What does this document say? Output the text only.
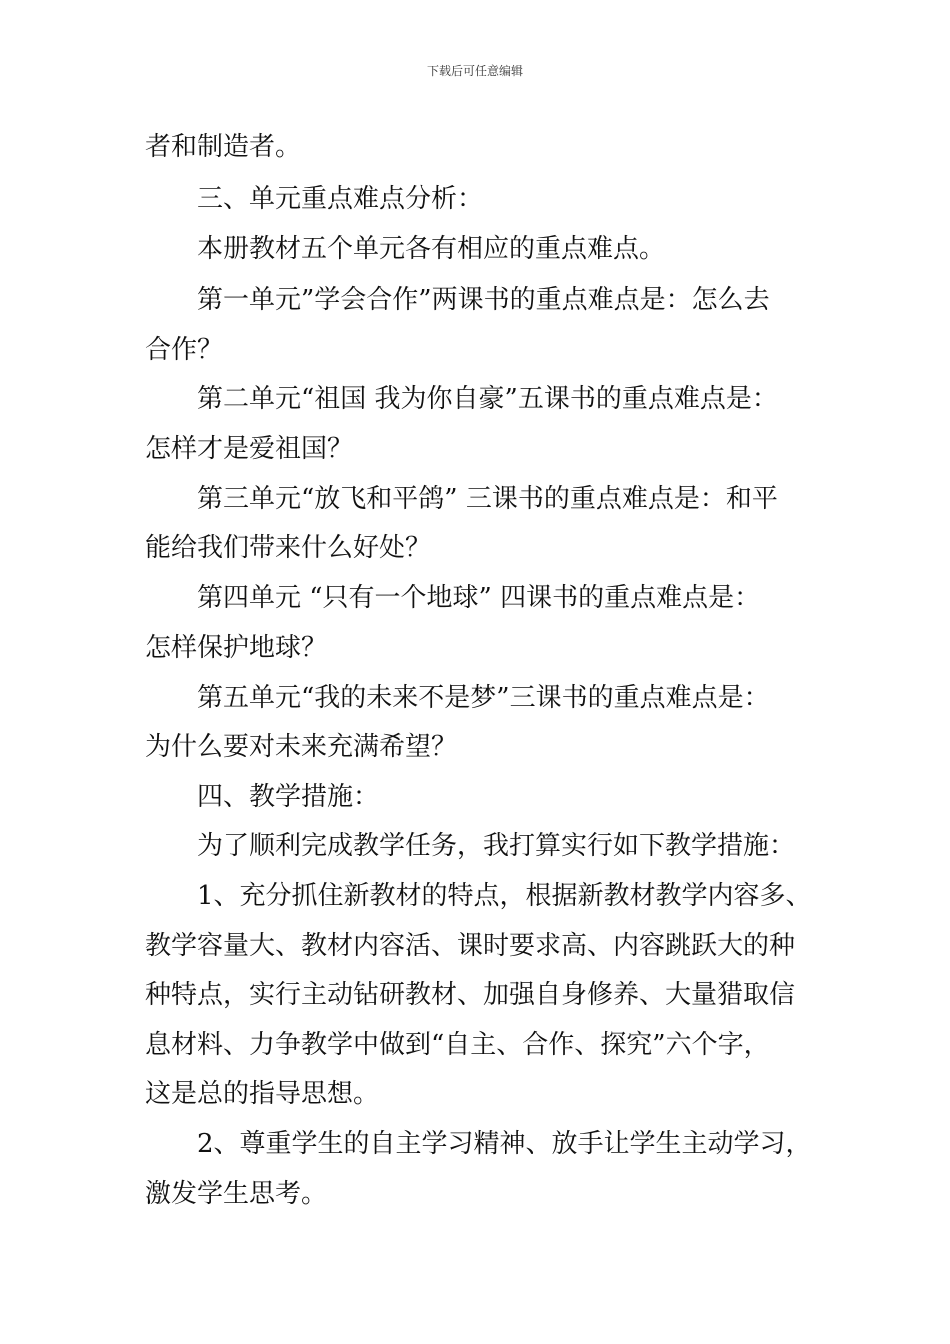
下载后可任意编辑
者和制造者。
三、单元重点难点分析：
本册教材五个单元各有相应的重点难点。
第一单元”学会合作”两课书的重点难点是：怎么去
合作？
第二单元“祖国 我为你自豪”五课书的重点难点是：
怎样才是爱祖国？
第三单元“放飞和平鸽” 三课书的重点难点是：和平
能给我们带来什么好处？
第四单元 “只有一个地球” 四课书的重点难点是：
怎样保护地球？
第五单元“我的未来不是梦”三课书的重点难点是：
为什么要对未来充满希望？
四、教学措施：
为了顺利完成教学任务，我打算实行如下教学措施：
1、充分抓住新教材的特点，根据新教材教学内容多、
教学容量大、教材内容活、课时要求高、内容跳跃大的种
种特点，实行主动钻研教材、加强自身修养、大量猎取信
息材料、力争教学中做到“自主、合作、探究”六个字，
这是总的指导思想。
2、尊重学生的自主学习精神、放手让学生主动学习，
激发学生思考。
